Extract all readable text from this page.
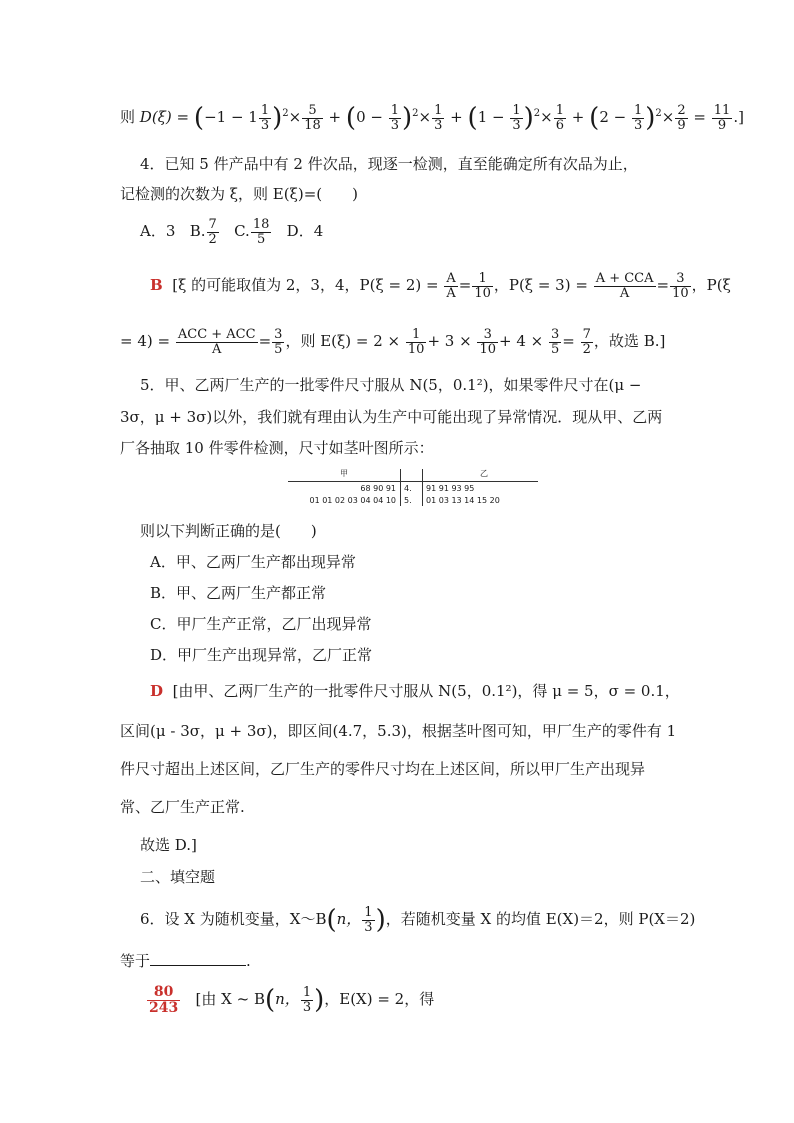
则 $D(\xi) = (-1 - 1 \frac{1}{3} )^2\times \frac{5}{18} + (0 - \frac{1}{3} )^2\times \frac{1}{3} + (1 - \frac{1}{3} )^2\times \frac{1}{6} + (2 - \frac{1}{3} )^2\times \frac{2}{9} = \frac{11}{9}$ .]
4．已知 5 件产品中有 2 件次品，现逐一检测，直至能确定所有次品为止，
记检测的次数为 ξ，则 E(ξ)=(　　)
A．3 B. $\frac{7}{2} C$. $\frac{18}{5}$ D．4
B [ξ 的可能取值为 2，3，4，$P(\xi = 2) = \frac{A}{A} = \frac{1}{10}$ ，$P(\xi = 3) = \frac{\text{A + CCA}}{A} = \frac{3}{10}$ ，P(ξ
= $4) = \frac{\text{ACC + ACC}}{A} = \frac{3}{5}$ ，则 $E(\xi) = 2 \times \frac{1}{10} + 3 \times \frac{3}{10} + 4 \times \frac{3}{5} = \frac{7}{2}$ ，故选 B.]
5．甲、乙两厂生产的一批零件尺寸服从 N(5，0.1²)，如果零件尺寸在(μ −
3σ，μ + 3σ)以外，我们就有理由认为生产中可能出现了异常情况．现从甲、乙两
厂各抽取 10 件零件检测，尺寸如茎叶图所示：
甲	乙
68 90 91 4. 91 91 93 95
01 01 02 03 04 04 10 5. 01 03 13 14 15 20
则以下判断正确的是(　　)
A．甲、乙两厂生产都出现异常
B．甲、乙两厂生产都正常
C．甲厂生产正常，乙厂出现异常
D．甲厂生产出现异常，乙厂正常
D [由甲、乙两厂生产的一批零件尺寸服从 N(5，0.1²)，得 μ = 5，σ = 0.1，
区间(μ - 3σ，μ + 3σ)，即区间(4.7，5.3)，根据茎叶图可知，甲厂生产的零件有 1
件尺寸超出上述区间，乙厂生产的零件尺寸均在上述区间，所以甲厂生产出现异
常、乙厂生产正常.
故选 D.]
二、填空题
6．设 X 为随机变量，X～B(n， $\frac{1}{3}$ )，若随机变量 X 的均值 E(X)＝2，则 P(X＝2)
等于	.
$\frac{80}{243}$ [由 X ~ B(n， $\frac{1}{3}$ )，E(X) = 2，得
